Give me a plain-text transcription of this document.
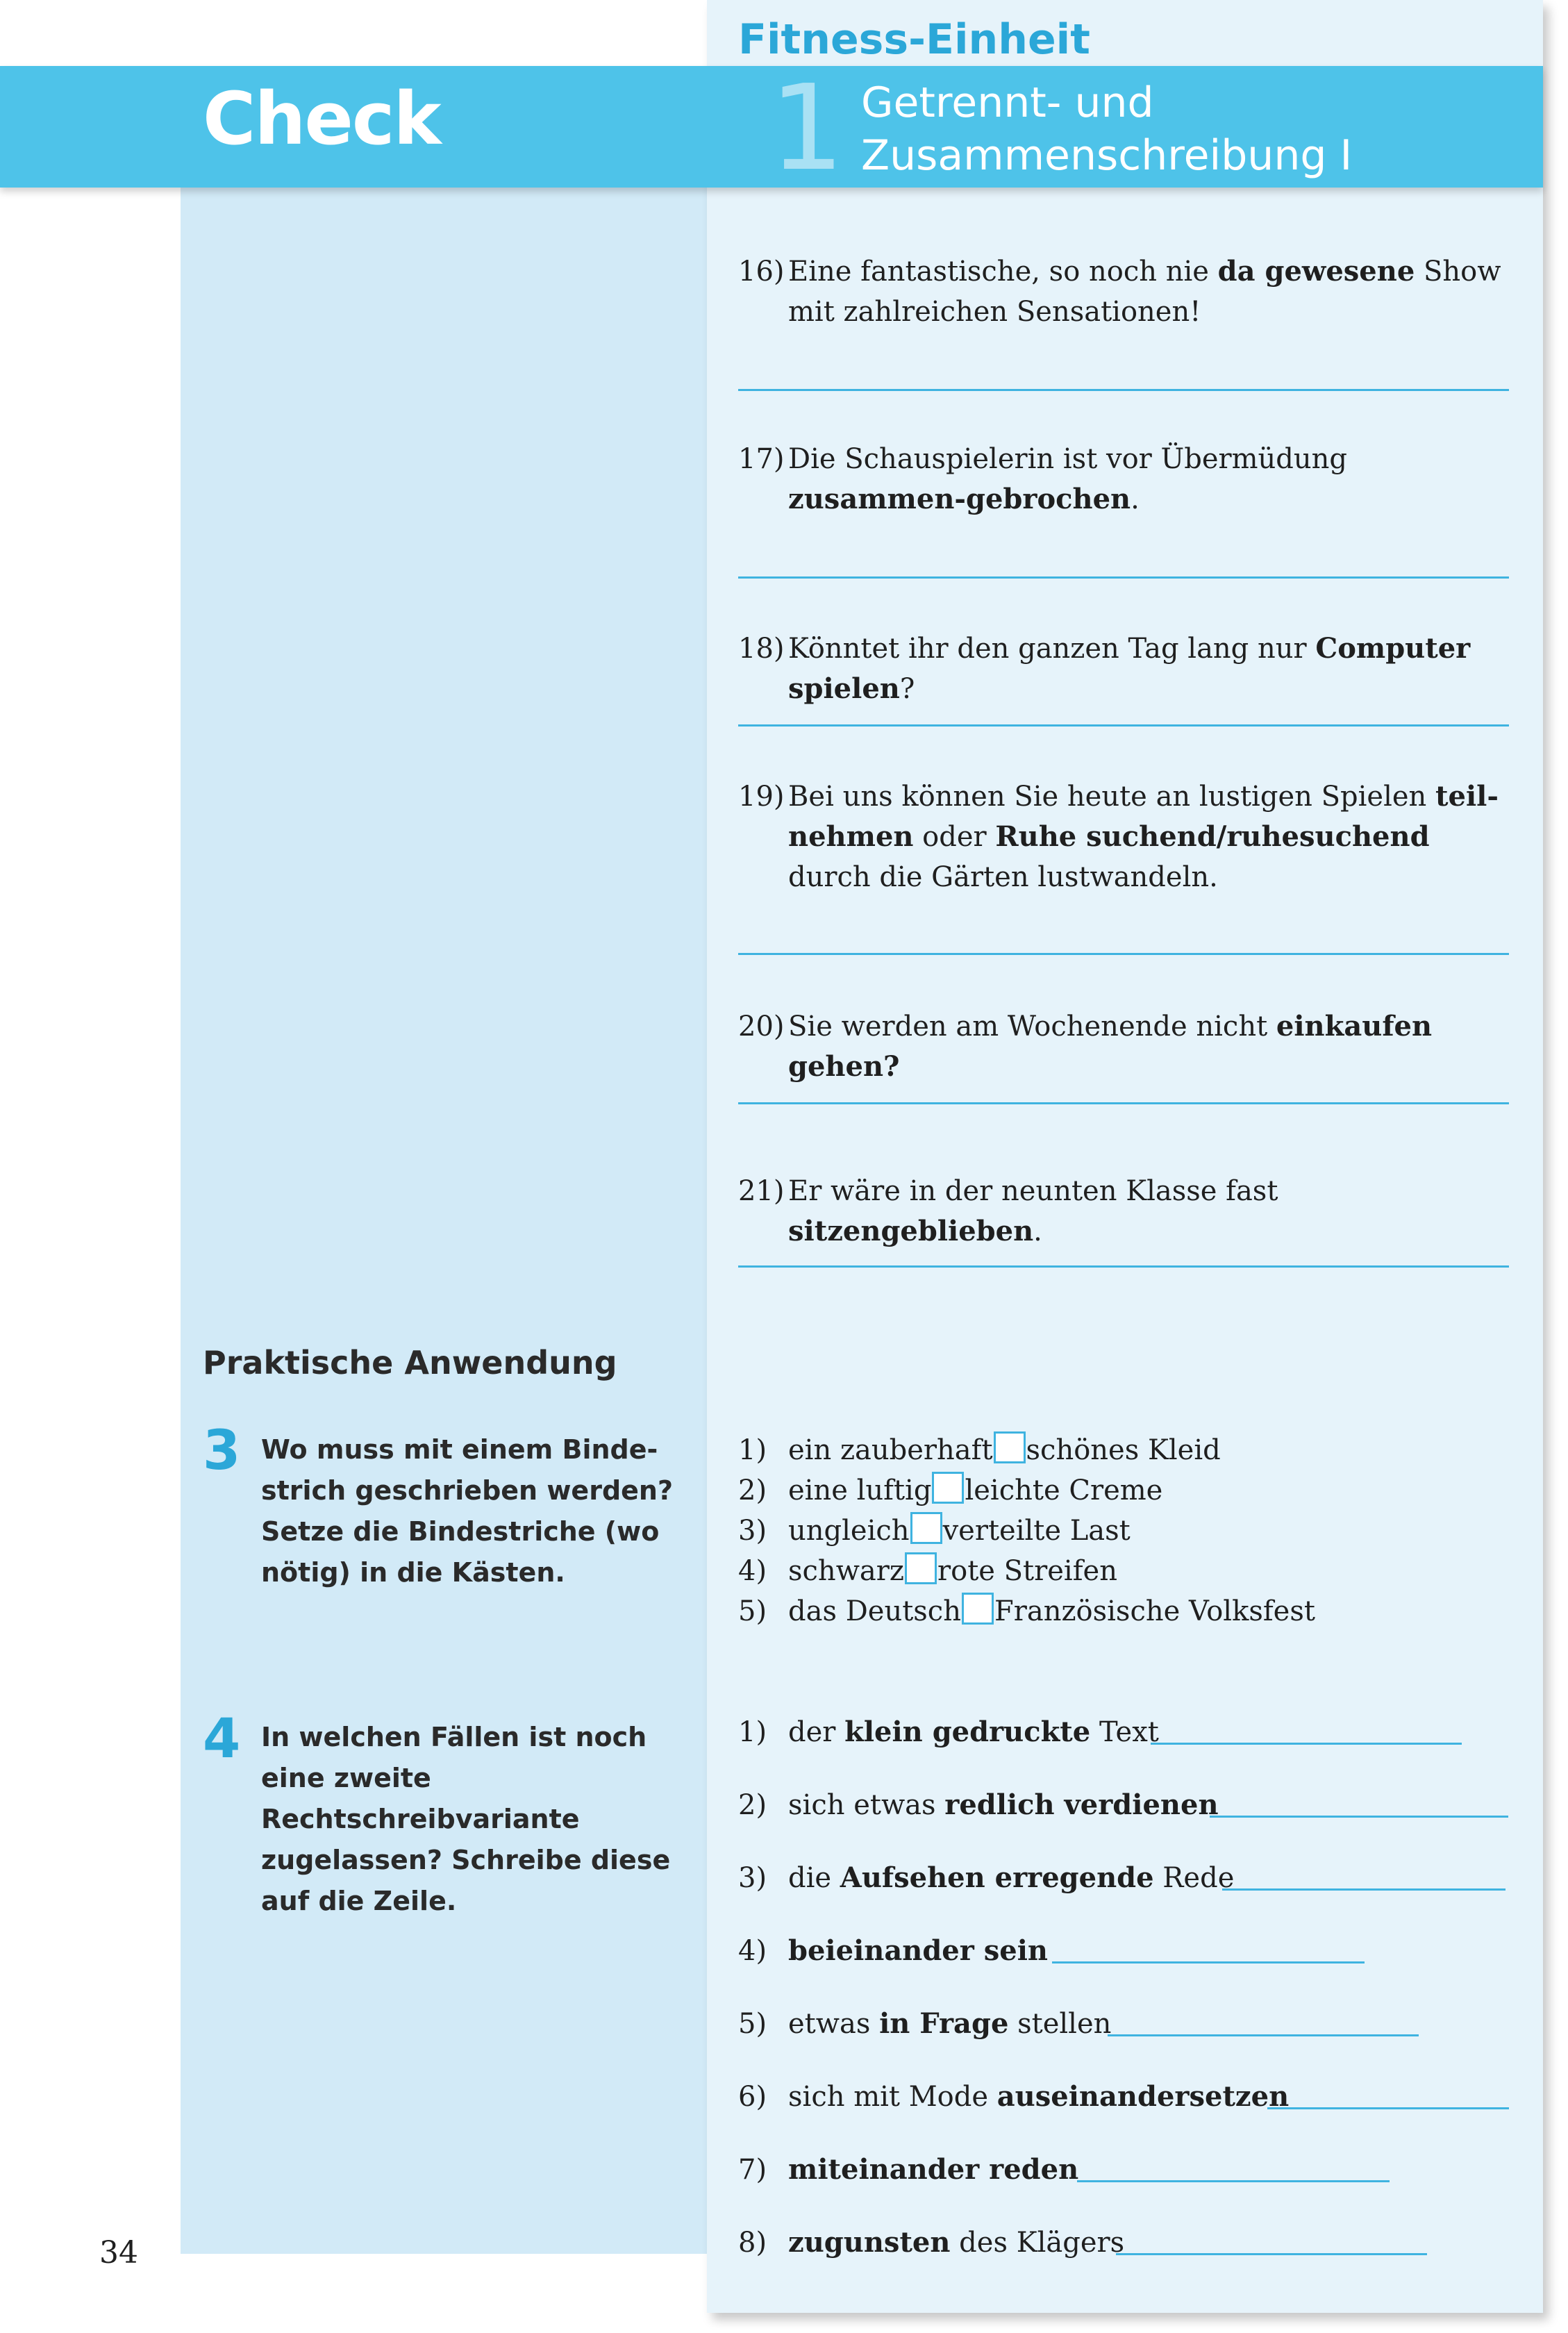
Check
Fitness-Einheit
1 Getrennt- und
Zusammenschreibung I
16) Eine fantastische, so noch nie da gewesene Show mit zahlreichen Sensationen!
17) Die Schauspielerin ist vor Übermüdung zusammen-gebrochen.
18) Könntet ihr den ganzen Tag lang nur Computer spielen?
19) Bei uns können Sie heute an lustigen Spielen teil-nehmen oder Ruhe suchend/ruhesuchend durch die Gärten lustwandeln.
20) Sie werden am Wochenende nicht einkaufen gehen?
21) Er wäre in der neunten Klasse fast sitzengeblieben.
Praktische Anwendung
3 Wo muss mit einem Binde-strich geschrieben werden? Setze die Bindestriche (wo nötig) in die Kästen.
1) ein zauberhaft schönes Kleid
2) eine luftig leichte Creme
3) ungleich verteilte Last
4) schwarz rote Streifen
5) das Deutsch Französische Volksfest
4 In welchen Fällen ist noch eine zweite Rechtschreibvariante zugelassen? Schreibe diese auf die Zeile.
1) der klein gedruckte Text
2) sich etwas redlich verdienen
3) die Aufsehen erregende Rede
4) beieinander sein
5) etwas in Frage stellen
6) sich mit Mode auseinandersetzen
7) miteinander reden
8) zugunsten des Klägers
34
